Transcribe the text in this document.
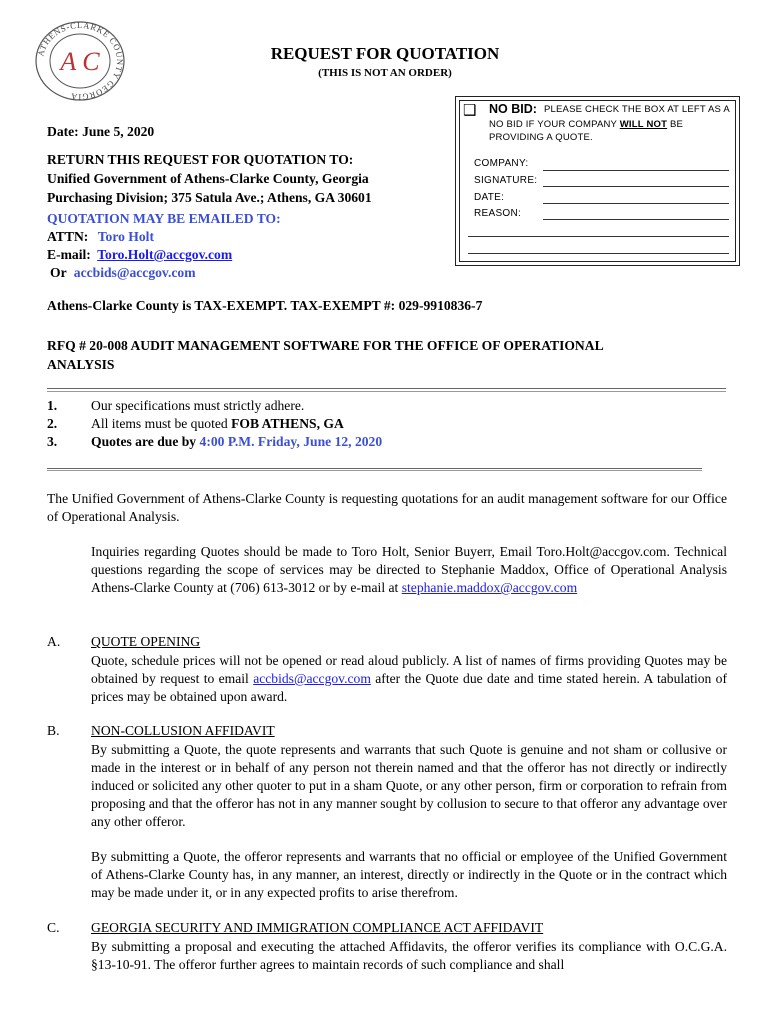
ATHENS-CLARKE COUNTY GEORGIA
A C	REQUEST FOR QUOTATION
(THIS IS NOT AN ORDER)
Date: June 5, 2020
RETURN THIS REQUEST FOR QUOTATION TO:
Unified Government of Athens-Clarke County, Georgia
Purchasing Division; 375 Satula Ave.; Athens, GA 30601
QUOTATION MAY BE EMAILED TO:
ATTN: Toro Holt
E-mail: Toro.Holt@accgov.com
Or accbids@accgov.com
❑ NO BID: PLEASE CHECK THE BOX AT LEFT AS A
NO BID IF YOUR COMPANY WILL NOT BE
PROVIDING A QUOTE.
COMPANY:
SIGNATURE:
DATE:
REASON:
Athens-Clarke County is TAX-EXEMPT. TAX-EXEMPT #: 029-9910836-7
RFQ # 20-008 AUDIT MANAGEMENT SOFTWARE FOR THE OFFICE OF OPERATIONAL
ANALYSIS
1. Our specifications must strictly adhere.
2. All items must be quoted FOB ATHENS, GA
3. Quotes are due by 4:00 P.M. Friday, June 12, 2020
The Unified Government of Athens-Clarke County is requesting quotations for an audit management software for our Office of Operational Analysis.
Inquiries regarding Quotes should be made to Toro Holt, Senior Buyerr, Email Toro.Holt@accgov.com. Technical questions regarding the scope of services may be directed to Stephanie Maddox, Office of Operational Analysis Athens-Clarke County at (706) 613-3012 or by e-mail at stephanie.maddox@accgov.com
A. QUOTE OPENING
Quote, schedule prices will not be opened or read aloud publicly. A list of names of firms providing Quotes may be obtained by request to email accbids@accgov.com after the Quote due date and time stated herein. A tabulation of prices may be obtained upon award.
B. NON-COLLUSION AFFIDAVIT
By submitting a Quote, the quote represents and warrants that such Quote is genuine and not sham or collusive or made in the interest or in behalf of any person not therein named and that the offeror has not directly or indirectly induced or solicited any other quoter to put in a sham Quote, or any other person, firm or corporation to refrain from proposing and that the offeror has not in any manner sought by collusion to secure to that offeror any advantage over any other offeror.
By submitting a Quote, the offeror represents and warrants that no official or employee of the Unified Government of Athens-Clarke County has, in any manner, an interest, directly or indirectly in the Quote or in the contract which may be made under it, or in any expected profits to arise therefrom.
C. GEORGIA SECURITY AND IMMIGRATION COMPLIANCE ACT AFFIDAVIT
By submitting a proposal and executing the attached Affidavits, the offeror verifies its compliance with O.C.G.A. §13-10-91. The offeror further agrees to maintain records of such compliance and shall
